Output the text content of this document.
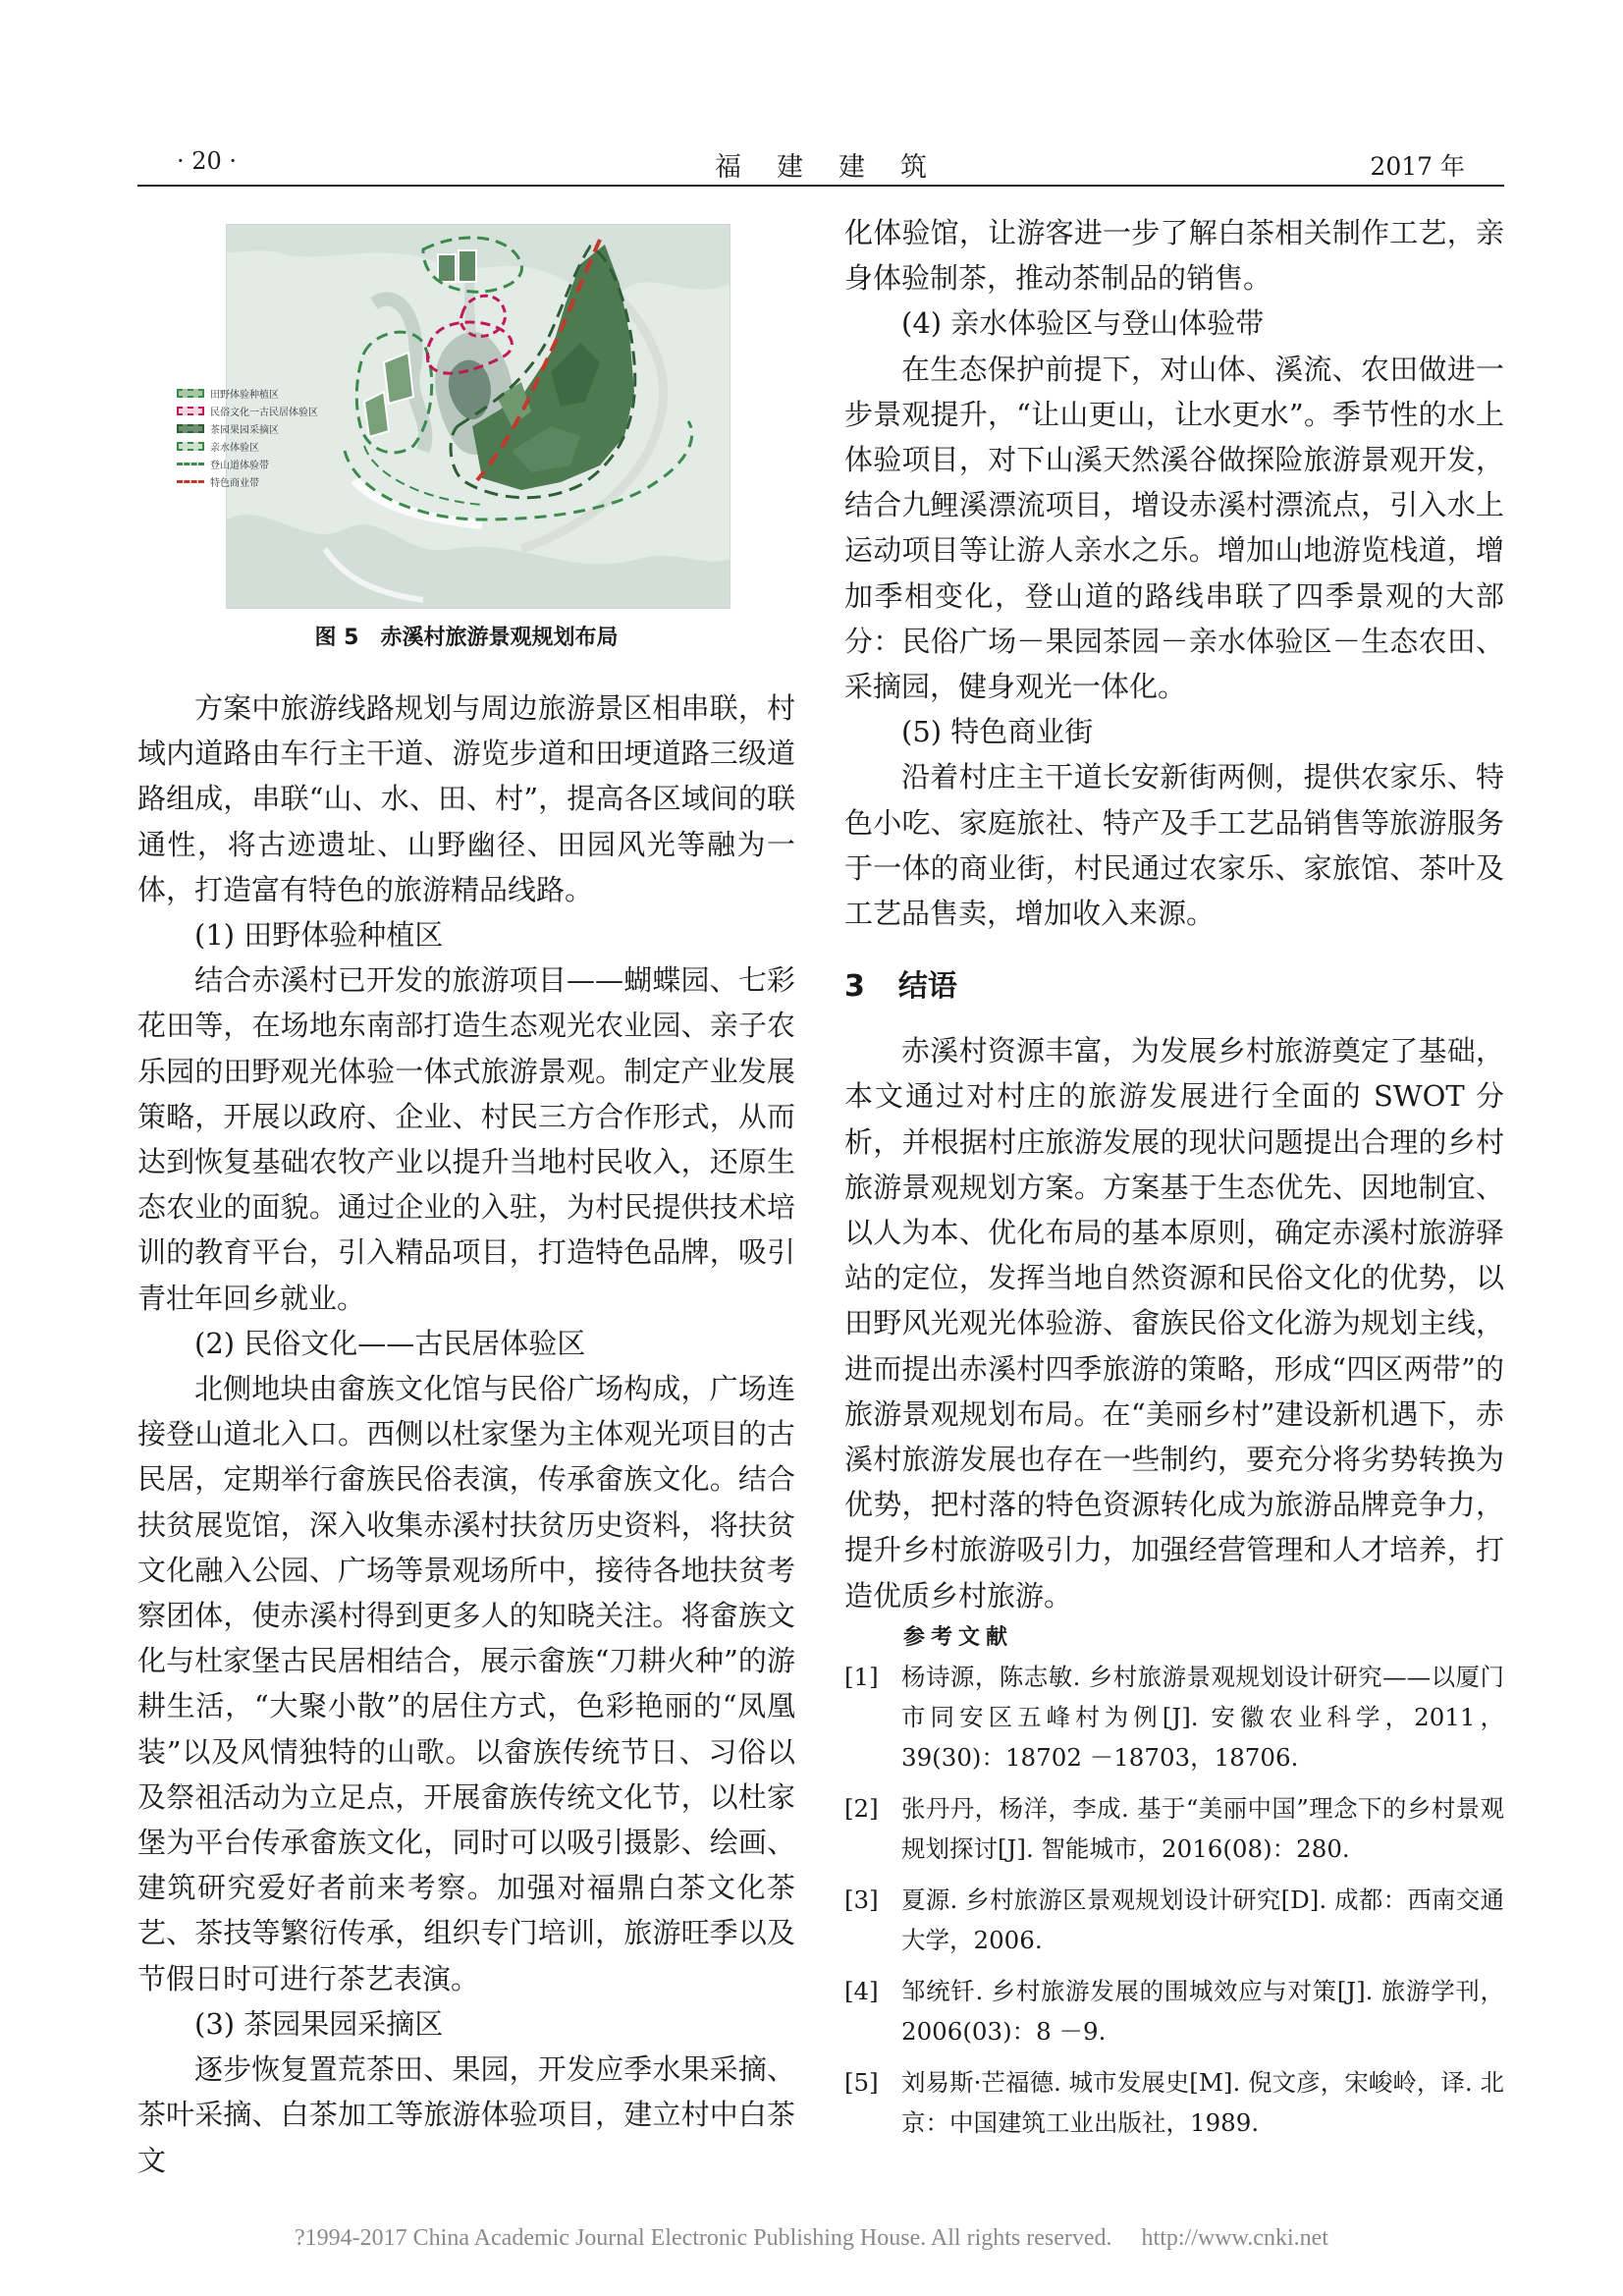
· 20 ·	福建建筑	2017 年
田野体验种植区
民俗文化一古民居体验区
茶园果园采摘区
亲水体验区
登山道体验带
特色商业带
图 5　赤溪村旅游景观规划布局

方案中旅游线路规划与周边旅游景区相串联，村域内道路由车行主干道、游览步道和田埂道路三级道路组成，串联“山、水、田、村”，提高各区域间的联通性，将古迹遗址、山野幽径、田园风光等融为一体，打造富有特色的旅游精品线路。

(1) 田野体验种植区

结合赤溪村已开发的旅游项目——蝴蝶园、七彩花田等，在场地东南部打造生态观光农业园、亲子农乐园的田野观光体验一体式旅游景观。制定产业发展策略，开展以政府、企业、村民三方合作形式，从而达到恢复基础农牧产业以提升当地村民收入，还原生态农业的面貌。通过企业的入驻，为村民提供技术培训的教育平台，引入精品项目，打造特色品牌，吸引青壮年回乡就业。

(2) 民俗文化——古民居体验区

北侧地块由畲族文化馆与民俗广场构成，广场连接登山道北入口。西侧以杜家堡为主体观光项目的古民居，定期举行畲族民俗表演，传承畲族文化。结合扶贫展览馆，深入收集赤溪村扶贫历史资料，将扶贫文化融入公园、广场等景观场所中，接待各地扶贫考察团体，使赤溪村得到更多人的知晓关注。将畲族文化与杜家堡古民居相结合，展示畲族“刀耕火种”的游耕生活，“大聚小散”的居住方式，色彩艳丽的“凤凰装”以及风情独特的山歌。以畲族传统节日、习俗以及祭祖活动为立足点，开展畲族传统文化节，以杜家堡为平台传承畲族文化，同时可以吸引摄影、绘画、建筑研究爱好者前来考察。加强对福鼎白茶文化茶艺、茶技等繁衍传承，组织专门培训，旅游旺季以及节假日时可进行茶艺表演。

(3) 茶园果园采摘区

逐步恢复置荒茶田、果园，开发应季水果采摘、茶叶采摘、白茶加工等旅游体验项目，建立村中白茶文

化体验馆，让游客进一步了解白茶相关制作工艺，亲身体验制茶，推动茶制品的销售。

(4) 亲水体验区与登山体验带

在生态保护前提下，对山体、溪流、农田做进一步景观提升，“让山更山，让水更水”。季节性的水上体验项目，对下山溪天然溪谷做探险旅游景观开发，结合九鲤溪漂流项目，增设赤溪村漂流点，引入水上运动项目等让游人亲水之乐。增加山地游览栈道，增加季相变化，登山道的路线串联了四季景观的大部分：民俗广场－果园茶园－亲水体验区－生态农田、采摘园，健身观光一体化。

(5) 特色商业街

沿着村庄主干道长安新街两侧，提供农家乐、特色小吃、家庭旅社、特产及手工艺品销售等旅游服务于一体的商业街，村民通过农家乐、家旅馆、茶叶及工艺品售卖，增加收入来源。

3 结语

赤溪村资源丰富，为发展乡村旅游奠定了基础，本文通过对村庄的旅游发展进行全面的 SWOT 分析，并根据村庄旅游发展的现状问题提出合理的乡村旅游景观规划方案。方案基于生态优先、因地制宜、以人为本、优化布局的基本原则，确定赤溪村旅游驿站的定位，发挥当地自然资源和民俗文化的优势，以田野风光观光体验游、畲族民俗文化游为规划主线，进而提出赤溪村四季旅游的策略，形成“四区两带”的旅游景观规划布局。在“美丽乡村”建设新机遇下，赤溪村旅游发展也存在一些制约，要充分将劣势转换为优势，把村落的特色资源转化成为旅游品牌竞争力，提升乡村旅游吸引力，加强经营管理和人才培养，打造优质乡村旅游。

参考文献
[1] 杨诗源，陈志敏. 乡村旅游景观规划设计研究——以厦门市同安区五峰村为例[J]. 安徽农业科学，2011，39(30)：18702 －18703，18706.
[2] 张丹丹，杨洋，李成. 基于“美丽中国”理念下的乡村景观规划探讨[J]. 智能城市，2016(08)：280.
[3] 夏源. 乡村旅游区景观规划设计研究[D]. 成都：西南交通大学，2006.
[4] 邹统钎. 乡村旅游发展的围城效应与对策[J]. 旅游学刊，2006(03)：8 －9.
[5] 刘易斯·芒福德. 城市发展史[M]. 倪文彦，宋峻岭，译. 北京：中国建筑工业出版社，1989.
?1994-2017 China Academic Journal Electronic Publishing House. All rights reserved.　 http://www.cnki.net
